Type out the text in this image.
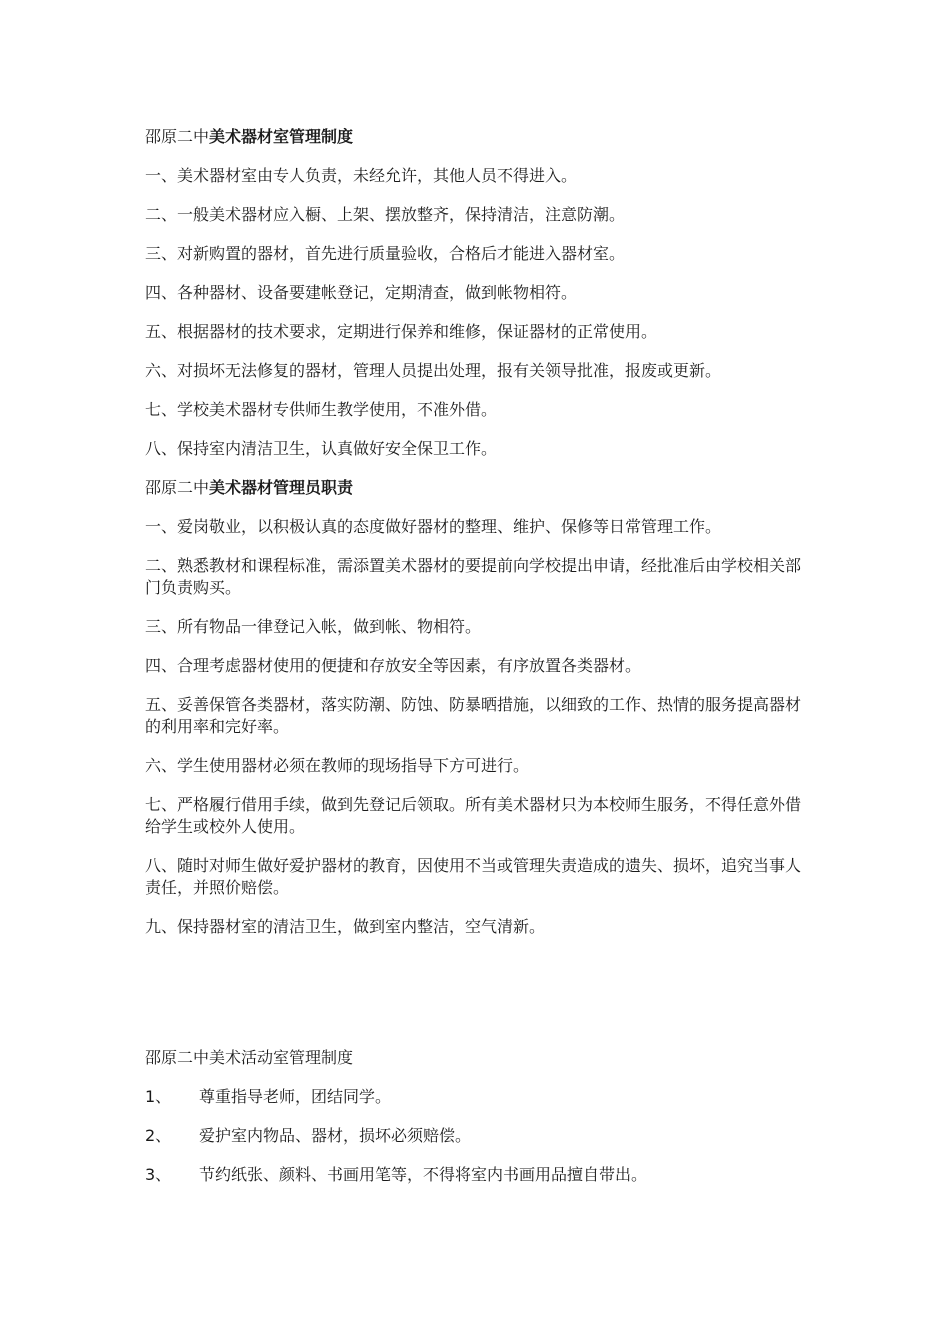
邵原二中美术器材室管理制度

一、美术器材室由专人负责，未经允许，其他人员不得进入。

二、一般美术器材应入橱、上架、摆放整齐，保持清洁，注意防潮。

三、对新购置的器材，首先进行质量验收，合格后才能进入器材室。

四、各种器材、设备要建帐登记，定期清查，做到帐物相符。

五、根据器材的技术要求，定期进行保养和维修，保证器材的正常使用。

六、对损坏无法修复的器材，管理人员提出处理，报有关领导批准，报废或更新。

七、学校美术器材专供师生教学使用，不准外借。

八、保持室内清洁卫生，认真做好安全保卫工作。

邵原二中美术器材管理员职责

一、爱岗敬业，以积极认真的态度做好器材的整理、维护、保修等日常管理工作。

二、熟悉教材和课程标准，需添置美术器材的要提前向学校提出申请，经批准后由学校相关部门负责购买。

三、所有物品一律登记入帐，做到帐、物相符。

四、合理考虑器材使用的便捷和存放安全等因素，有序放置各类器材。

五、妥善保管各类器材，落实防潮、防蚀、防暴晒措施，以细致的工作、热情的服务提高器材的利用率和完好率。

六、学生使用器材必须在教师的现场指导下方可进行。

七、严格履行借用手续，做到先登记后领取。所有美术器材只为本校师生服务，不得任意外借给学生或校外人使用。

八、随时对师生做好爱护器材的教育，因使用不当或管理失责造成的遗失、损坏，追究当事人责任，并照价赔偿。

九、保持器材室的清洁卫生，做到室内整洁，空气清新。

邵原二中美术活动室管理制度

1、	尊重指导老师，团结同学。
2、	爱护室内物品、器材，损坏必须赔偿。
3、	节约纸张、颜料、书画用笔等，不得将室内书画用品擅自带出。
